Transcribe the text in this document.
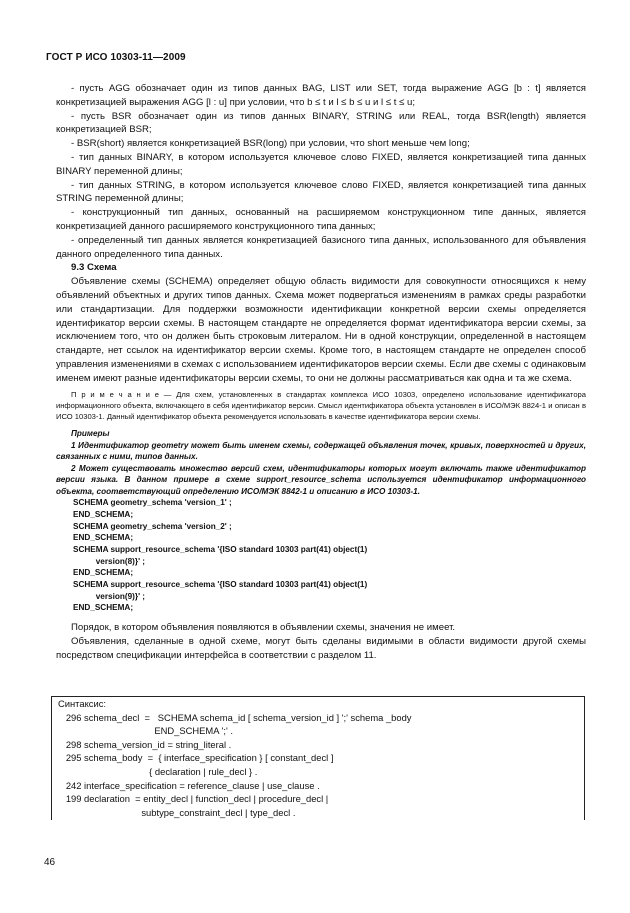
ГОСТ Р ИСО 10303-11—2009

- пусть AGG обозначает один из типов данных BAG, LIST или SET, тогда выражение AGG [b : t] является конкретизацией выражения AGG [l : u] при условии, что b ≤ t и l ≤ b ≤ u и l ≤ t ≤ u;

- пусть BSR обозначает один из типов данных BINARY, STRING или REAL, тогда BSR(length) является конкретизацией BSR;

- BSR(short) является конкретизацией BSR(long) при условии, что short меньше чем long;

- тип данных BINARY, в котором используется ключевое слово FIXED, является конкретизацией типа данных BINARY переменной длины;

- тип данных STRING, в котором используется ключевое слово FIXED, является конкретизацией типа данных STRING переменной длины;

- конструкционный тип данных, основанный на расширяемом конструкционном типе данных, является конкретизацией данного расширяемого конструкционного типа данных;

- определенный тип данных является конкретизацией базисного типа данных, использованного для объявления данного определенного типа данных.

9.3 Схема

Объявление схемы (SCHEMA) определяет общую область видимости для совокупности относящихся к нему объявлений объектных и других типов данных. Схема может подвергаться изменениям в рамках среды разработки или стандартизации. Для поддержки возможности идентификации конкретной версии схемы определяется идентификатор версии схемы. В настоящем стандарте не определяется формат идентификатора версии схемы, за исключением того, что он должен быть строковым литералом. Ни в одной конструкции, определенной в настоящем стандарте, нет ссылок на идентификатор версии схемы. Кроме того, в настоящем стандарте не определен способ управления изменениями в схемах с использованием идентификаторов версии схемы. Если две схемы с одинаковым именем имеют разные идентификаторы версии схемы, то они не должны рассматриваться как одна и та же схема.

П р и м е ч а н и е — Для схем, установленных в стандартах комплекса ИСО 10303, определено использование идентификатора информационного объекта, включающего в себя идентификатор версии. Смысл идентификатора объекта установлен в ИСО/МЭК 8824-1 и описан в ИСО 10303-1. Данный идентификатор объекта рекомендуется использовать в качестве идентификатора версии схемы.

Примеры

1 Идентификатор geometry может быть именем схемы, содержащей объявления точек, кривых, поверхностей и других, связанных с ними, типов данных.

2 Может существовать множество версий схем, идентификаторы которых могут включать также идентификатор версии языка. В данном примере в схеме support_resource_schema используется идентификатор информационного объекта, соответствующий определению ИСО/МЭК 8842-1 и описанию в ИСО 10303-1.

SCHEMA geometry_schema 'version_1' ;

END_SCHEMA;

SCHEMA geometry_schema 'version_2' ;

END_SCHEMA;

SCHEMA support_resource_schema '{ISO standard 10303 part(41) object(1)

version(8)}' ;

END_SCHEMA;

SCHEMA support_resource_schema '{ISO standard 10303 part(41) object(1)

version(9)}' ;

END_SCHEMA;

Порядок, в котором объявления появляются в объявлении схемы, значения не имеет.

Объявления, сделанные в одной схеме, могут быть сделаны видимыми в области видимости другой схемы посредством спецификации интерфейса в соответствии с разделом 11.

Синтаксис:

296 schema_decl  =   SCHEMA schema_id [ schema_version_id ] ';' schema _body

END_SCHEMA ';' .

298 schema_version_id = string_literal .

295 schema_body  =  { interface_specification } [ constant_decl ]

{ declaration | rule_decl } .

242 interface_specification = reference_clause | use_clause .

199 declaration  = entity_decl | function_decl | procedure_decl |

subtype_constraint_decl | type_decl .

46
